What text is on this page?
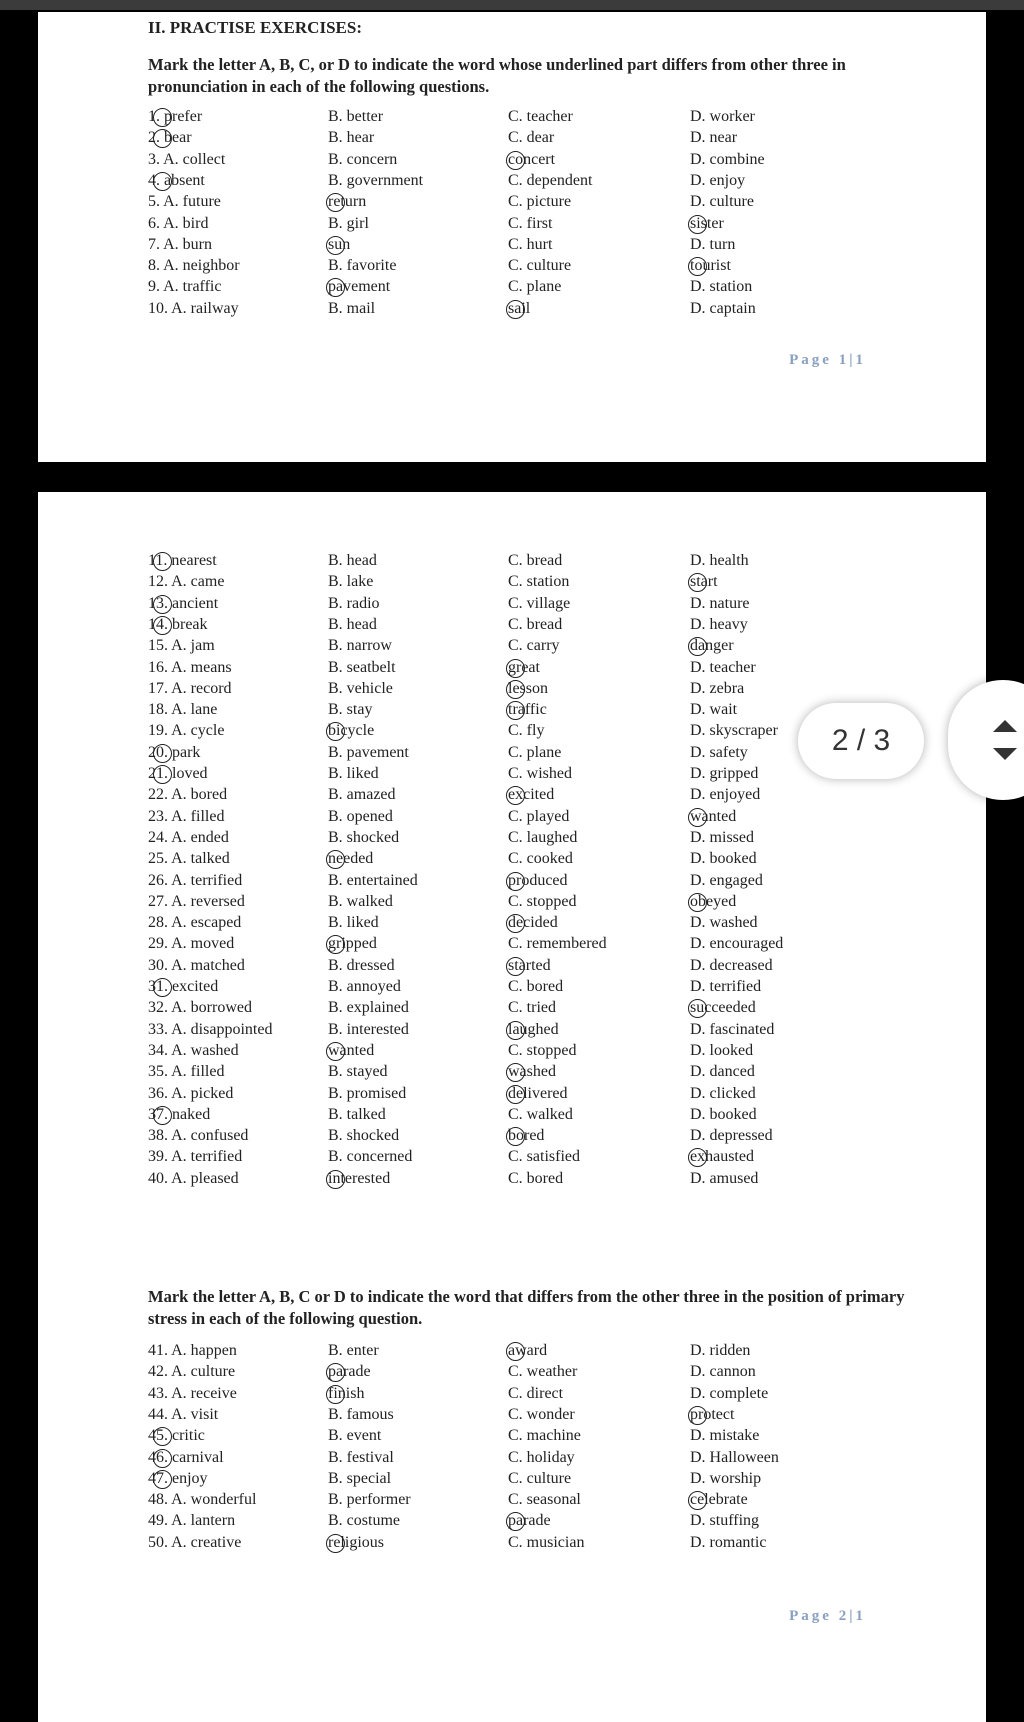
II. PRACTISE EXERCISES:
Mark the letter A, B, C, or D to indicate the word whose underlined part differs from other three in pronunciation in each of the following questions.
Page 1|1
1. prefer	B. better	C. teacher	D. worker
2. bear	B. hear	C. dear	D. near
3. A. collect	B. concern	concert	D. combine
4. absent	B. government	C. dependent	D. enjoy
5. A. future	return	C. picture	D. culture
6. A. bird	B. girl	C. first	sister
7. A. burn	sun	C. hurt	D. turn
8. A. neighbor	B. favorite	C. culture	tourist
9. A. traffic	pavement	C. plane	D. station
10. A. railway	B. mail	sail	D. captain
Mark the letter A, B, C or D to indicate the word that differs from the other three in the position of primary stress in each of the following question.
Page 2|1
11. nearest	B. head	C. bread	D. health
12. A. came	B. lake	C. station	start
13. ancient	B. radio	C. village	D. nature
14. break	B. head	C. bread	D. heavy
15. A. jam	B. narrow	C. carry	danger
16. A. means	B. seatbelt	great	D. teacher
17. A. record	B. vehicle	lesson	D. zebra
18. A. lane	B. stay	traffic	D. wait
19. A. cycle	bicycle	C. fly	D. skyscraper
20. park	B. pavement	C. plane	D. safety
21. loved	B. liked	C. wished	D. gripped
22. A. bored	B. amazed	excited	D. enjoyed
23. A. filled	B. opened	C. played	wanted
24. A. ended	B. shocked	C. laughed	D. missed
25. A. talked	needed	C. cooked	D. booked
26. A. terrified	B. entertained	produced	D. engaged
27. A. reversed	B. walked	C. stopped	obeyed
28. A. escaped	B. liked	decided	D. washed
29. A. moved	gripped	C. remembered	D. encouraged
30. A. matched	B. dressed	started	D. decreased
31. excited	B. annoyed	C. bored	D. terrified
32. A. borrowed	B. explained	C. tried	succeeded
33. A. disappointed	B. interested	laughed	D. fascinated
34. A. washed	wanted	C. stopped	D. looked
35. A. filled	B. stayed	washed	D. danced
36. A. picked	B. promised	delivered	D. clicked
37. naked	B. talked	C. walked	D. booked
38. A. confused	B. shocked	bored	D. depressed
39. A. terrified	B. concerned	C. satisfied	exhausted
40. A. pleased	interested	C. bored	D. amused
41. A. happen	B. enter	award	D. ridden
42. A. culture	parade	C. weather	D. cannon
43. A. receive	finish	C. direct	D. complete
44. A. visit	B. famous	C. wonder	protect
45. critic	B. event	C. machine	D. mistake
46. carnival	B. festival	C. holiday	D. Halloween
47. enjoy	B. special	C. culture	D. worship
48. A. wonderful	B. performer	C. seasonal	celebrate
49. A. lantern	B. costume	parade	D. stuffing
50. A. creative	religious	C. musician	D. romantic
2 / 3
